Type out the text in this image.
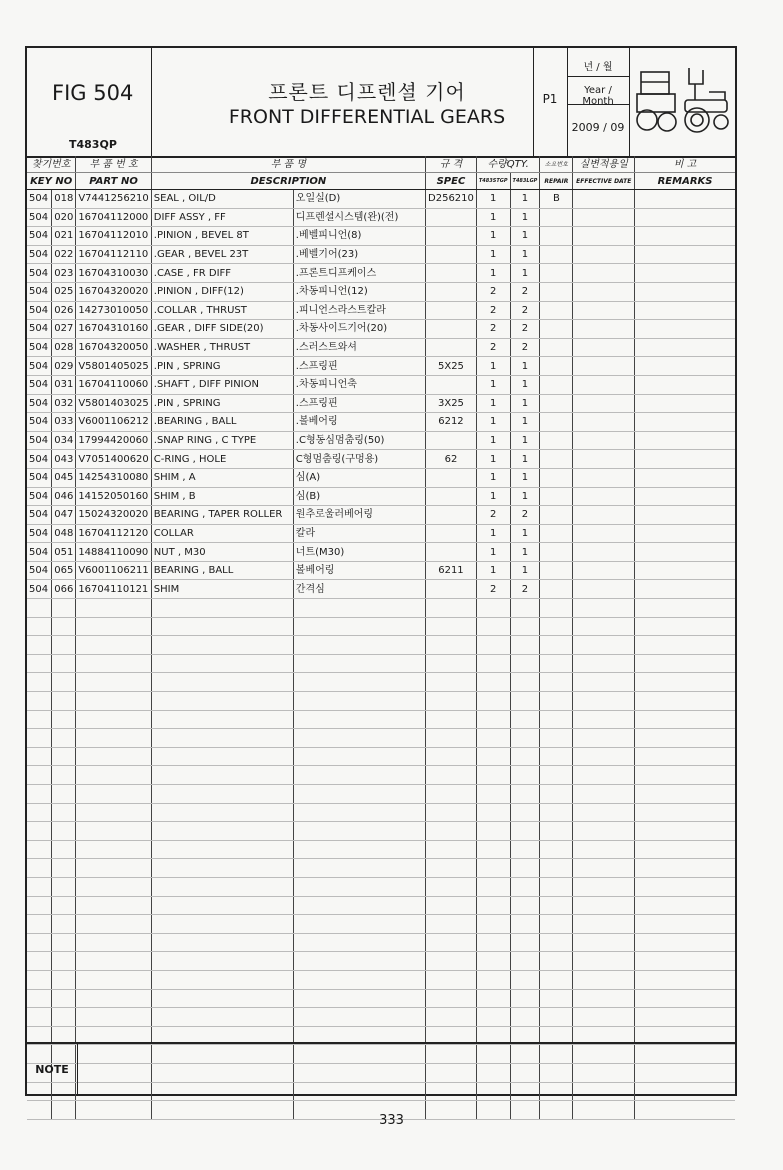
FIG 504
T483QP
프론트 디프렌셜 기어
FRONT DIFFERENTIAL GEARS
P1
년 / 월
Year / Month
2009 / 09
찾기번호		부 품 번 호	부 품 명		규 격	수량QTY.		소요번호	실변적용일	비 고
KEY NO		PART NO	DESCRIPTION		SPEC	T483STGP	T483LGP	REPAIR	EFFECTIVE DATE	REMARKS
504	018	V7441256210	SEAL , OIL/D	오일실(D)	D256210	1	1	B		
504	020	16704112000	DIFF ASSY , FF	디프렌셜시스템(완)(전)		1	1			
504	021	16704112010	.PINION , BEVEL 8T	.베벨피니언(8)		1	1			
504	022	16704112110	.GEAR , BEVEL 23T	.베벨기어(23)		1	1			
504	023	16704310030	.CASE , FR DIFF	.프론트디프케이스		1	1			
504	025	16704320020	.PINION , DIFF(12)	.차동피니언(12)		2	2			
504	026	14273010050	.COLLAR , THRUST	.피니언스라스트칼라		2	2			
504	027	16704310160	.GEAR , DIFF SIDE(20)	.차동사이드기어(20)		2	2			
504	028	16704320050	.WASHER , THRUST	.스러스트와셔		2	2			
504	029	V5801405025	.PIN , SPRING	.스프링핀	5X25	1	1			
504	031	16704110060	.SHAFT , DIFF PINION	.차동피니언축		1	1			
504	032	V5801403025	.PIN , SPRING	.스프링핀	3X25	1	1			
504	033	V6001106212	.BEARING , BALL	.볼베어링	6212	1	1			
504	034	17994420060	.SNAP RING , C TYPE	.C형동심멈춤링(50)		1	1			
504	043	V7051400620	C-RING , HOLE	C형멈춤링(구멍용)	62	1	1			
504	045	14254310080	SHIM , A	심(A)		1	1			
504	046	14152050160	SHIM , B	심(B)		1	1			
504	047	15024320020	BEARING , TAPER ROLLER	원추로울러베어링		2	2			
504	048	16704112120	COLLAR	칼라		1	1			
504	051	14884110090	NUT , M30	너트(M30)		1	1			
504	065	V6001106211	BEARING , BALL	볼베어링	6211	1	1			
504	066	16704110121	SHIM	간격심		2	2			

NOTE
333
